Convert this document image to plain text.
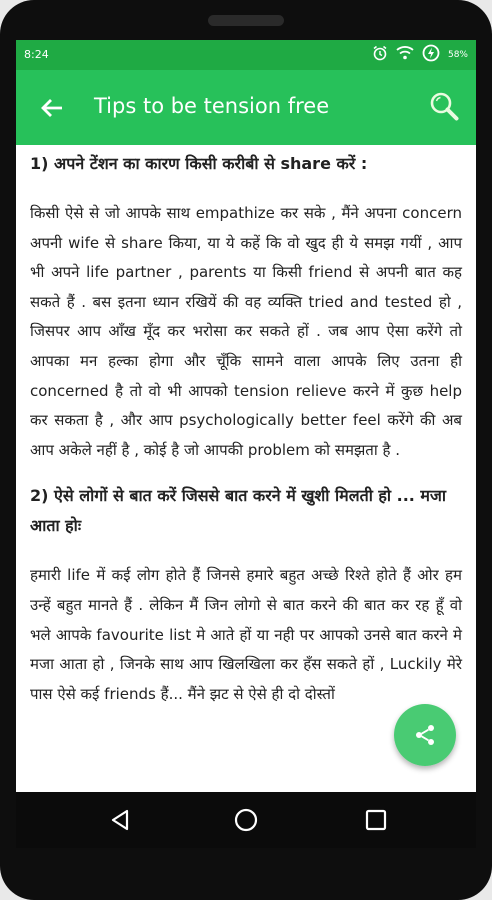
8:24	58%
Tips to be tension free

1) अपने टेंशन का कारण किसी करीबी से share करें :

किसी ऐसे से जो आपके साथ empathize कर सके , मैंने अपना concern अपनी wife से share किया, या ये कहें कि वो खुद ही ये समझ गयीं , आप भी अपने life partner , parents या किसी friend से अपनी बात कह सकते हैं . बस इतना ध्यान रखियें की वह व्यक्ति tried and tested हो , जिसपर आप आँख मूँद कर भरोसा कर सकते हों . जब आप ऐसा करेंगे तो आपका मन हल्का होगा और चूँकि सामने वाला आपके लिए उतना ही concerned है तो वो भी आपको tension relieve करने में कुछ help कर सकता है , और आप psychologically better feel करेंगे की अब आप अकेले नहीं है , कोई है जो आपकी problem को समझता है .

2) ऐसे लोगों से बात करें जिससे बात करने में खुशी मिलती हो ... मजा आता होः

हमारी life में कई लोग होते हैं जिनसे हमारे बहुत अच्छे रिश्ते होते हैं ओर हम उन्हें बहुत मानते हैं . लेकिन मैं जिन लोगो से बात करने की बात कर रह हूँ वो भले आपके favourite list मे आते हों या नही पर आपको उनसे बात करने मे मजा आता हो , जिनके साथ आप खिलखिला कर हँस सकते हों , Luckily मेरे पास ऐसे कई friends हैं... मैंने झट से ऐसे ही दो दोस्तों
